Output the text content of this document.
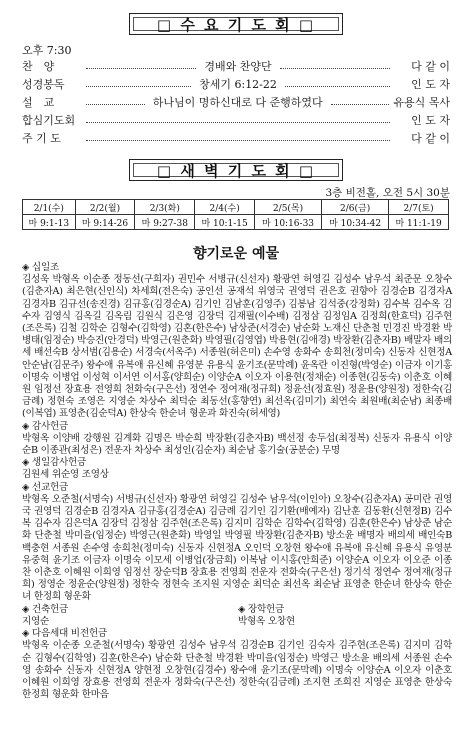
□ 수 요 기 도 회 □
오후 7:30
찬　양	경배와 찬양단	다 같 이
성경봉독	창세기 6:12-22	인 도 자
설　교	하나님이 명하신대로 다 준행하였다	유용식 목사
합심기도회	인 도 자
주 기 도	다 같 이
□ 새 벽 기 도 회 □
3층 비전홀, 오전 5시 30분
2/1(수)	2/2(월)	2/3(화)	2/4(수)	2/5(목)	2/6(금)	2/7(토)
마 9:1-13	마 9:14-26	마 9:27-38	마 10:1-15	마 10:16-33	마 10:34-42	마 11:1-19
향기로운 예물
◈ 십일조
김성욱 박형옥 이순종 정동선(구희자) 권민수 서병규(신선자) 황광연 허영길 김성수 남우석 최준문 오창수(김춘자A) 최은현(신인식) 차세희(전은숙) 공인선 공재석 위영국 권영덕 권은호 권향아 김경순B 김경자A 김경자B 김규선(송진경) 김규홍(김경순A) 김기인 김남훈(김영주) 김봉남 김석중(강정화) 김수복 김수옥 김수자 김영식 김옥길 김옥림 김원식 김은영 김장덕 김재필(이수배) 김정삼 김정임A 김정희(한효덕) 김주현(조은록) 김철 김학순 김형수(김학영) 김혼(한은수) 남상준(서경순) 남순화 노재신 단춘철 민경진 박경환 박병태(임정순) 박승진(안경덕) 박영근(원춘화) 박영필(김영엽) 박용현(김애경) 박장환(김춘자B) 배말자 배의세 배선숙B 상서범(김용순) 서경숙(서옥주) 서종원(허은미) 손수영 송화수 송희천(정미숙) 신동자 신현정A 안순남(김문주) 왕수애 유복애 유신혜 유영분 유용식 윤기조(문막례) 윤옥란 이진형(박영순) 이금자 이기홍 이명숙 이병업 이성혁 이서연 이서홍(양희순) 이양순A 이오자 이용현(정채순) 이종현(김동숙) 이춘호 이혜원 임정선 장효용 전영희 천화숙(구은선) 정연수 정여재(정규희) 정윤선(정효원) 정윤용(양원정) 정한숙(김금례) 정현숙 조영은 지영순 차상수 최덕순 최동선(홍향연) 최선옥(김미기) 최연숙 최원배(최순남) 최종배(이복엽) 표영춘(김순덕A) 한상숙 한순녀 형운과 화진숙(허세영)
◈ 감사헌금
박형옥 이양배 강행원 김계화 김명은 박순희 박장환(김춘자B) 백선정 송두섭(최정복) 신동자 유용식 이양순B 이종관(최성은) 전운자 차상수 최성인(김순자) 최순남 홍기술(공분순) 무명
◈ 생일감사헌금
김원세 위순영 조영상
◈ 선교헌금
박형옥 오준철(서명숙) 서병규(신선자) 황광연 허영길 김성수 남우석(이인아) 오창수(김춘자A) 공미란 권영국 권영덕 김경순B 김경자A 김규홍(김경순A) 김금례 김기인 김기환(배예자) 김난훈 김동환(신현정B) 김수복 김수자 김은덕A 김장덕 김정삼 김주현(조은록) 김지미 김학순 김학수(김학영) 김훈(한은수) 남상준 남순화 단춘철 박미을(임정순) 박영근(원춘화) 박영일 박영필 박장환(김춘자B) 방소윤 배명자 배의세 배인숙B 백충현 서종원 손수영 송희천(정미숙) 신동자 신현정A 오인덕 오창현 왕수애 유복애 유신혜 유용식 유영분 유중혁 윤기조 이금자 이명숙 이모세 이병업(장금희) 이복남 이시홍(안희준) 이양순A 이오자 이오준 이종찬 이춘호 이혜원 이희영 임정선 장순덕B 장효용 전영희 전운자 전화숙(구은선) 정기석 정연수 정여재(정규희) 정영순 정윤순(양원정) 정한숙 정현숙 조지원 지영순 최덕순 최선옥 최순남 표영춘 한순녀 한상숙 한순녀 한정희 형운화
◈ 건축헌금
지영순
◈ 장학헌금
박형옥 오창현
◈ 다음세대 비전헌금
박형옥 이순종 오준철(서명숙) 황광연 김성수 남우석 김경순B 김기인 김숙자 김주현(조은록) 김지미 김학순 김형수(김학영) 김훈(한은수) 남순화 단춘철 박경환 박미을(임정순) 박영근 방소윤 배의세 서종원 손수영 송화수 신동자 신현정A 양현정 오창현(김경수) 왕수애 윤기조(문막례) 이명숙 이양순A 이오자 이춘호 이혜원 이희영 장효용 전영희 전운자 정화숙(구은선) 정한숙(김금례) 조지현 조희진 지영순 표영춘 한상숙 한정희 형운화 한마음
